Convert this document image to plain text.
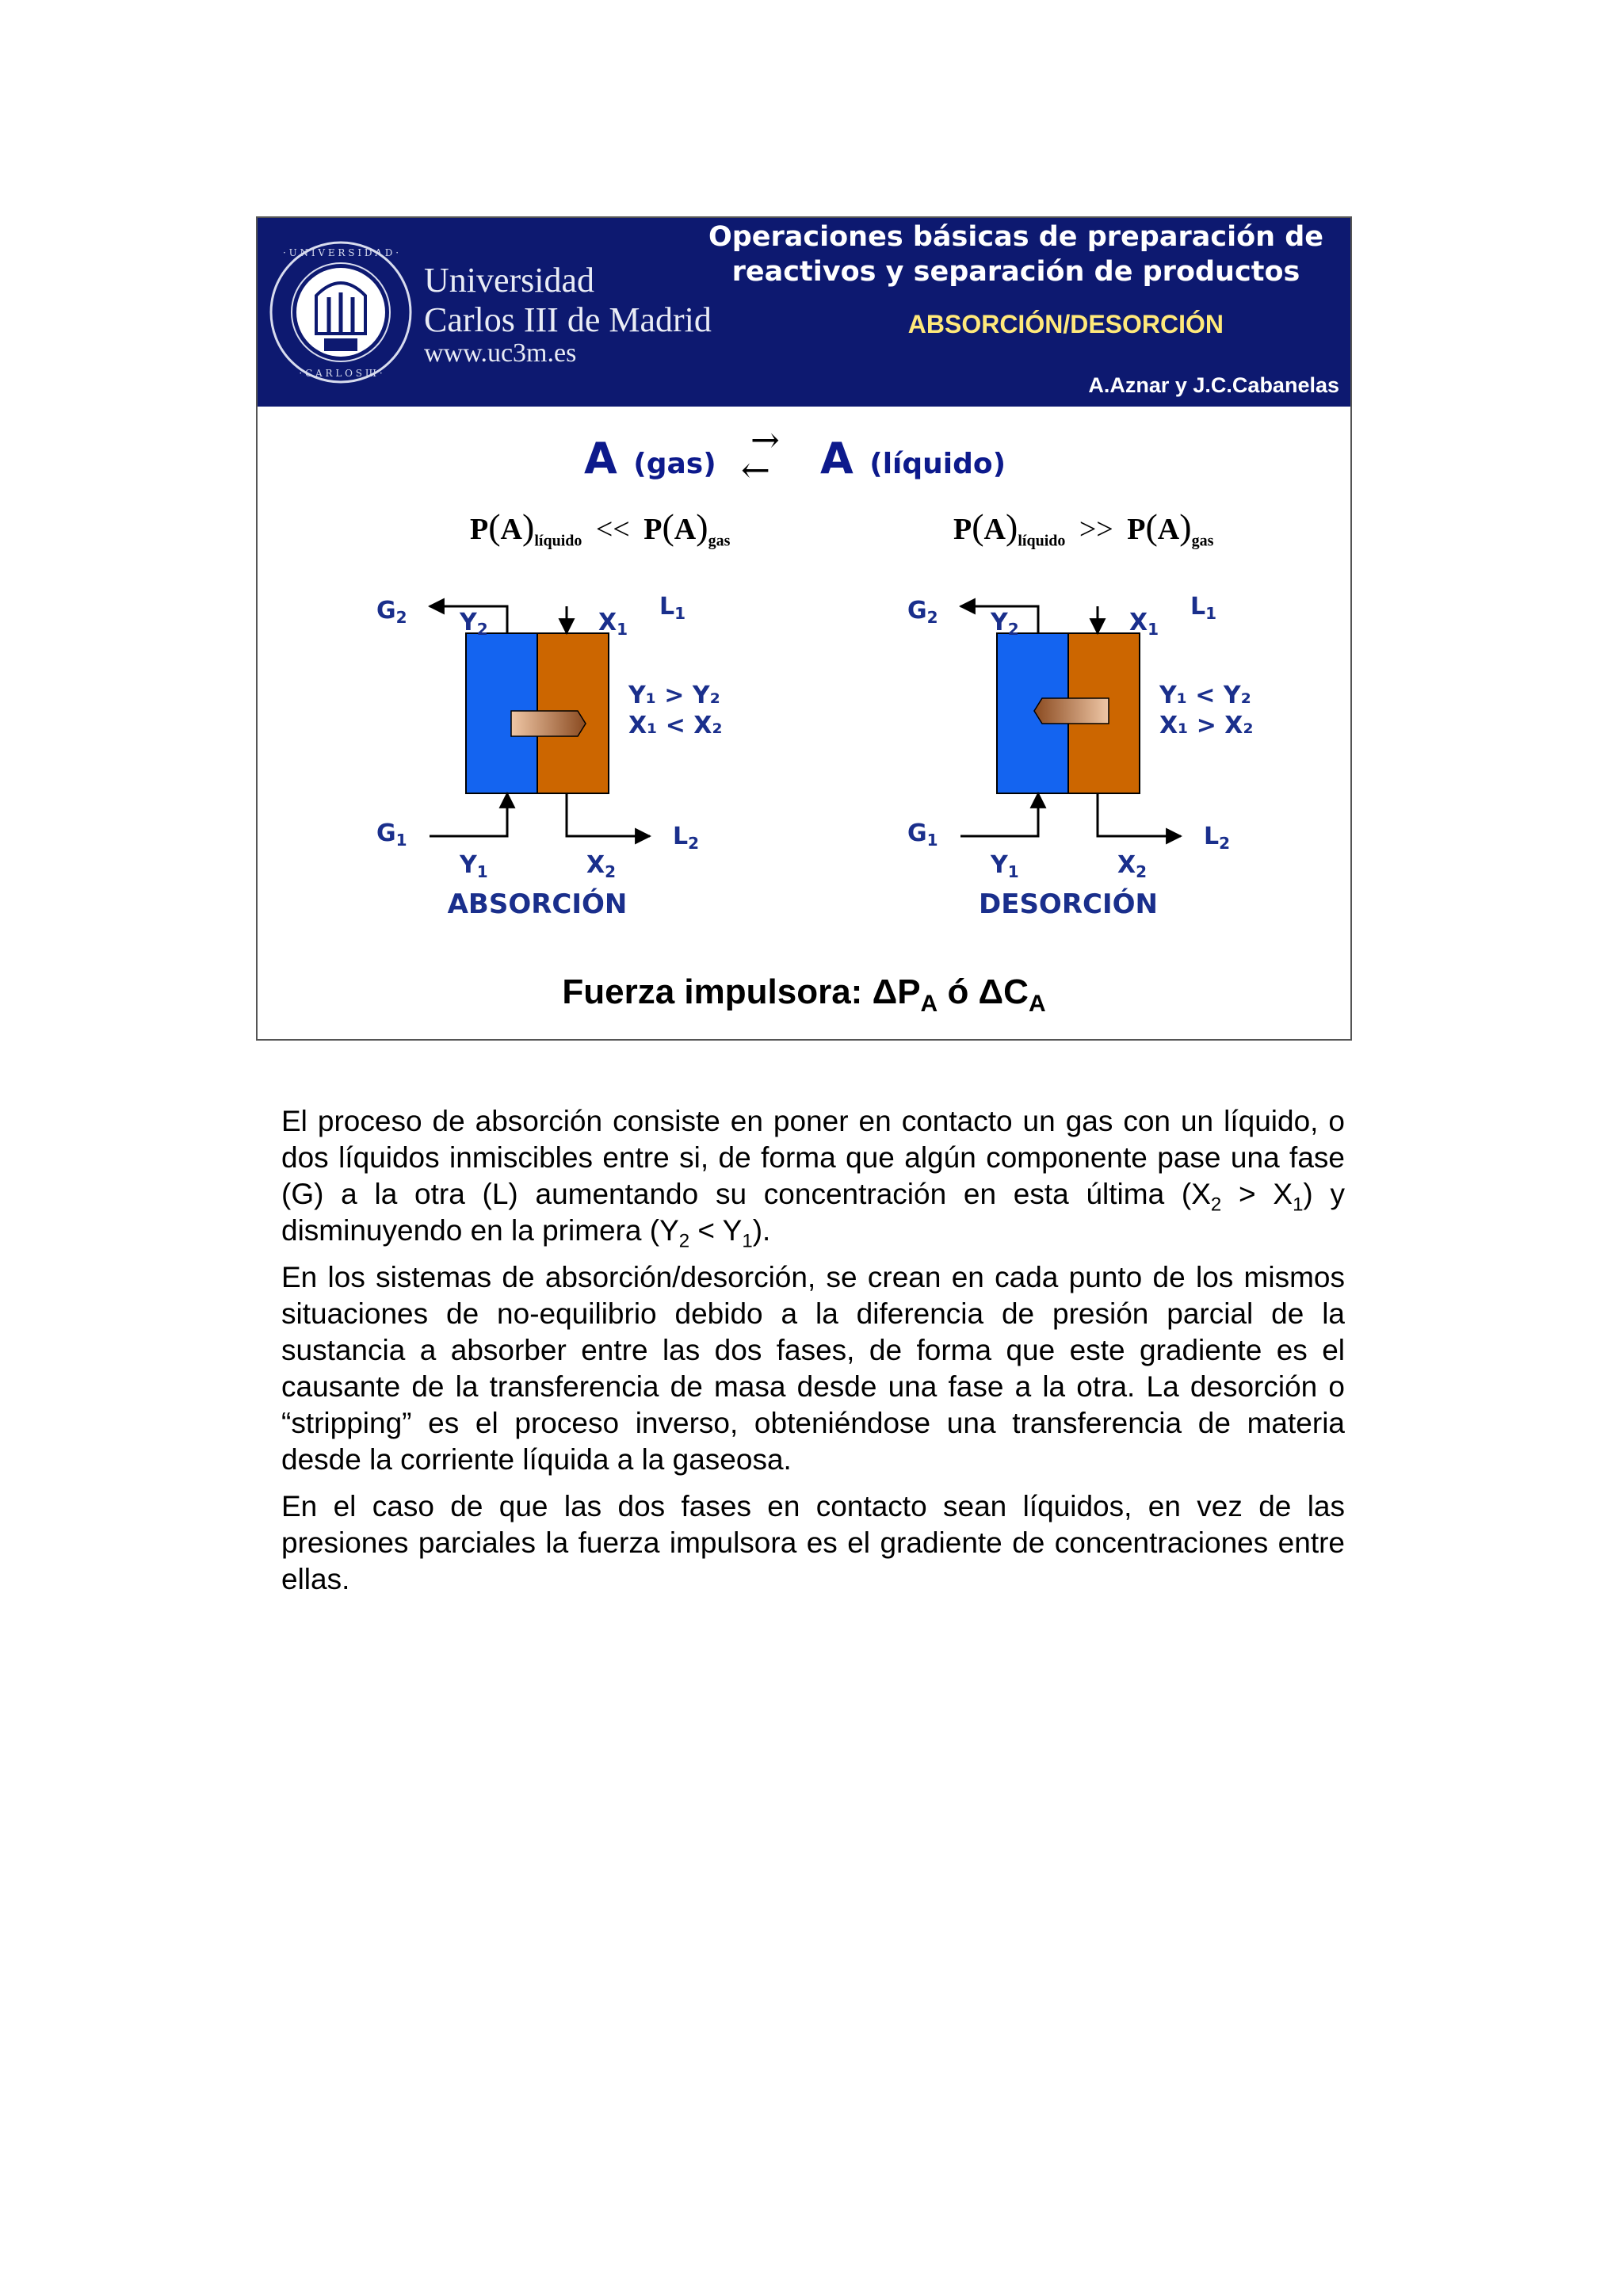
· U N I V E R S I D A D ·
· C A R L O S III ·
Universidad
Carlos III de Madrid
www.uc3m.es
Operaciones básicas de preparación de
reactivos y separación de productos
ABSORCIÓN/DESORCIÓN
A.Aznar y J.C.Cabanelas
A (gas)
→
← A (líquido)
$P(A)_{líquido} << P(A)_{gas}$	$P(A)_{líquido} >> P(A)_{gas}$
$G_2$ $Y_2$	$X_1$
$L_1$
Y₁ > Y₂
X₁ < X₂
$G_1$	$L_2$
$Y_1$	$X_2$
ABSORCIÓN
$G_2$ $Y_2$	$X_1$
$L_1$
Y₁ < Y₂
X₁ > X₂
$G_1$	$L_2$
$Y_1$	$X_2$
DESORCIÓN
Fuerza impulsora: $\Delta P_A$ ó $\Delta C_A$

El proceso de absorción consiste en poner en contacto un gas con un líquido, o dos líquidos inmiscibles entre si, de forma que algún componente pase una fase (G) a la otra (L) aumentando su concentración en esta última $(X_2 > X_1)$ y disminuyendo en la primera $(Y_2 < Y_1)$.

En los sistemas de absorción/desorción, se crean en cada punto de los mismos situaciones de no-equilibrio debido a la diferencia de presión parcial de la sustancia a absorber entre las dos fases, de forma que este gradiente es el causante de la transferencia de masa desde una fase a la otra. La desorción o “stripping” es el proceso inverso, obteniéndose una transferencia de materia desde la corriente líquida a la gaseosa.

En el caso de que las dos fases en contacto sean líquidos, en vez de las presiones parciales la fuerza impulsora es el gradiente de concentraciones entre ellas.
